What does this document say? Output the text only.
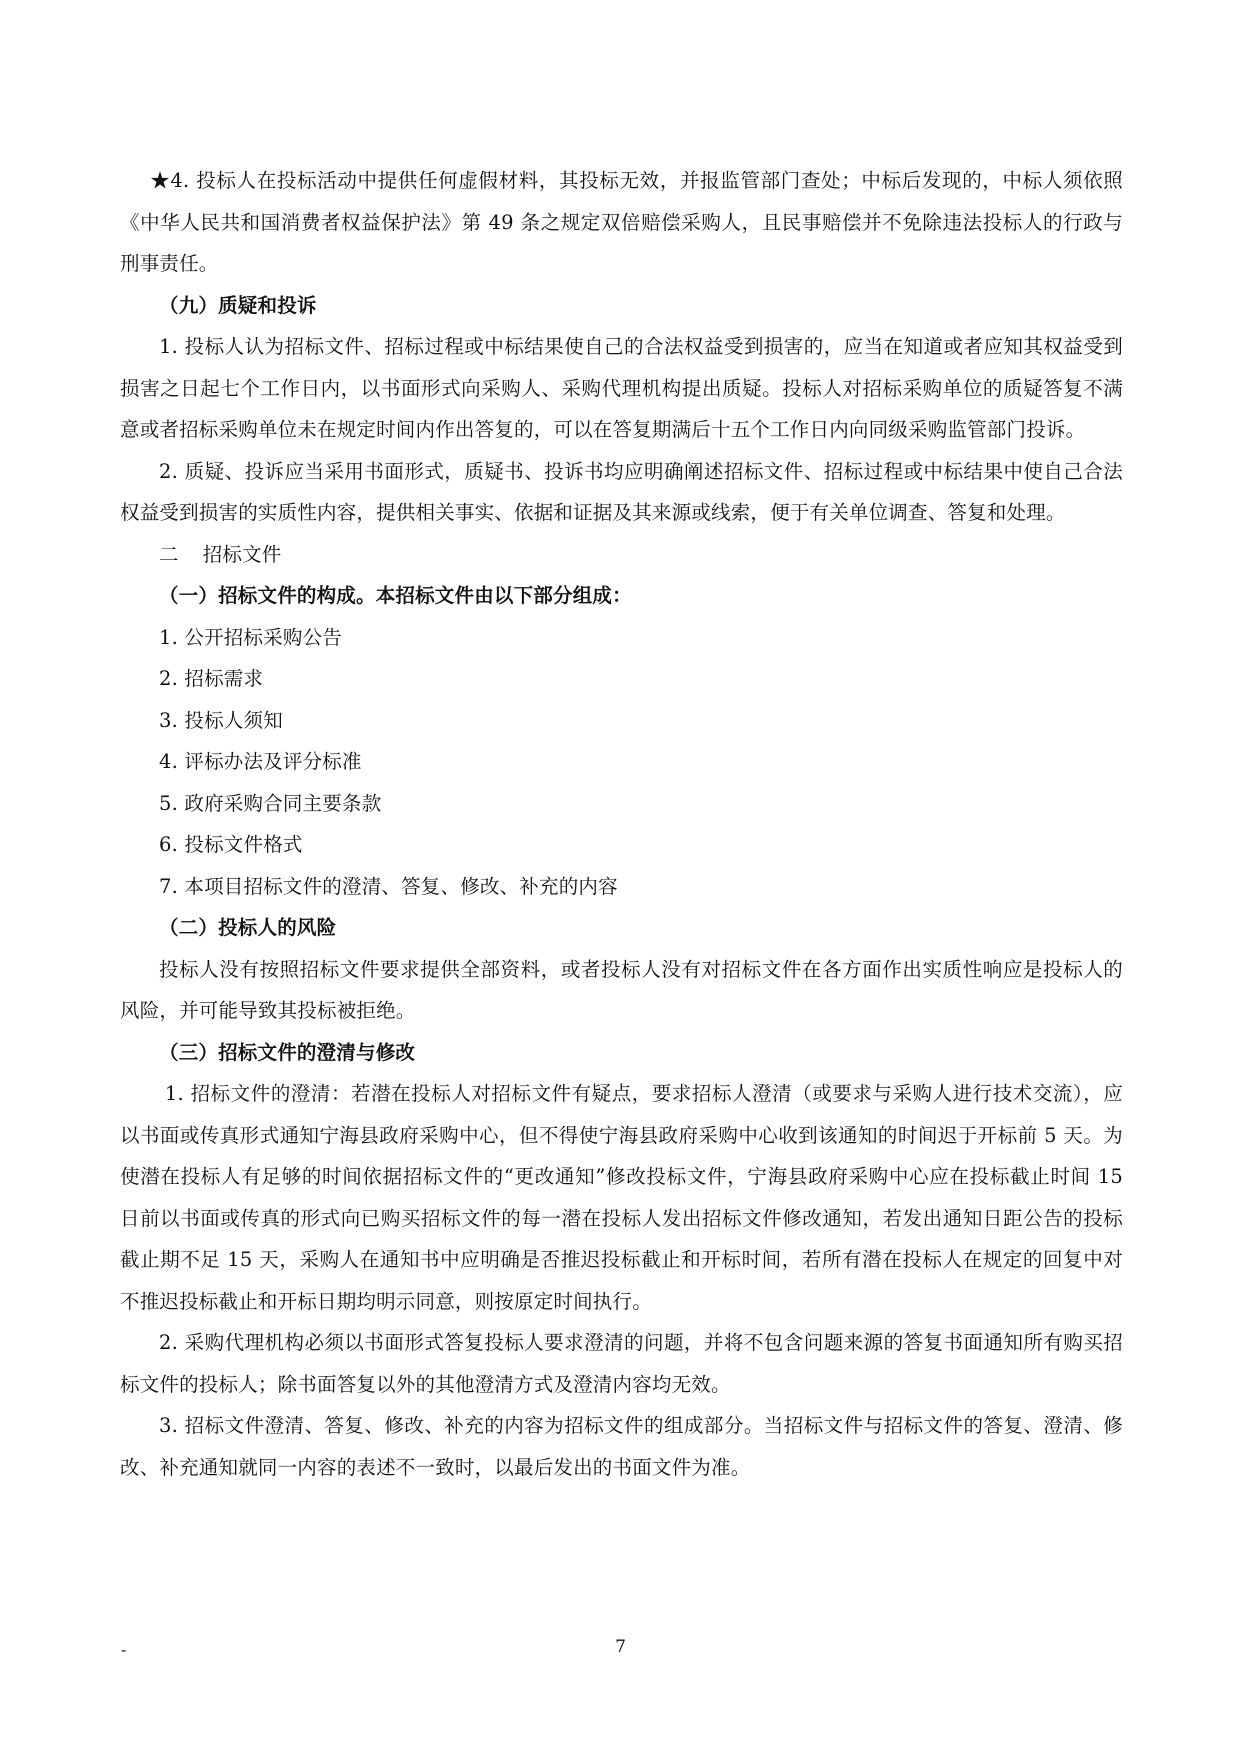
★4. 投标人在投标活动中提供任何虚假材料，其投标无效，并报监管部门查处；中标后发现的，中标人须依照《中华人民共和国消费者权益保护法》第 49 条之规定双倍赔偿采购人，且民事赔偿并不免除违法投标人的行政与刑事责任。

（九）质疑和投诉

1. 投标人认为招标文件、招标过程或中标结果使自己的合法权益受到损害的，应当在知道或者应知其权益受到损害之日起七个工作日内，以书面形式向采购人、采购代理机构提出质疑。投标人对招标采购单位的质疑答复不满意或者招标采购单位未在规定时间内作出答复的，可以在答复期满后十五个工作日内向同级采购监管部门投诉。

2. 质疑、投诉应当采用书面形式，质疑书、投诉书均应明确阐述招标文件、招标过程或中标结果中使自己合法权益受到损害的实质性内容，提供相关事实、依据和证据及其来源或线索，便于有关单位调查、答复和处理。

二 招标文件

（一）招标文件的构成。本招标文件由以下部分组成：

1. 公开招标采购公告

2. 招标需求

3. 投标人须知

4. 评标办法及评分标准

5. 政府采购合同主要条款

6. 投标文件格式

7. 本项目招标文件的澄清、答复、修改、补充的内容

（二）投标人的风险

投标人没有按照招标文件要求提供全部资料，或者投标人没有对招标文件在各方面作出实质性响应是投标人的风险，并可能导致其投标被拒绝。

（三）招标文件的澄清与修改

1. 招标文件的澄清：若潜在投标人对招标文件有疑点，要求招标人澄清（或要求与采购人进行技术交流），应以书面或传真形式通知宁海县政府采购中心，但不得使宁海县政府采购中心收到该通知的时间迟于开标前 5 天。为使潜在投标人有足够的时间依据招标文件的“更改通知”修改投标文件，宁海县政府采购中心应在投标截止时间 15 日前以书面或传真的形式向已购买招标文件的每一潜在投标人发出招标文件修改通知，若发出通知日距公告的投标截止期不足 15 天，采购人在通知书中应明确是否推迟投标截止和开标时间，若所有潜在投标人在规定的回复中对不推迟投标截止和开标日期均明示同意，则按原定时间执行。

2. 采购代理机构必须以书面形式答复投标人要求澄清的问题，并将不包含问题来源的答复书面通知所有购买招标文件的投标人；除书面答复以外的其他澄清方式及澄清内容均无效。

3. 招标文件澄清、答复、修改、补充的内容为招标文件的组成部分。当招标文件与招标文件的答复、澄清、修改、补充通知就同一内容的表述不一致时，以最后发出的书面文件为准。

-	7
